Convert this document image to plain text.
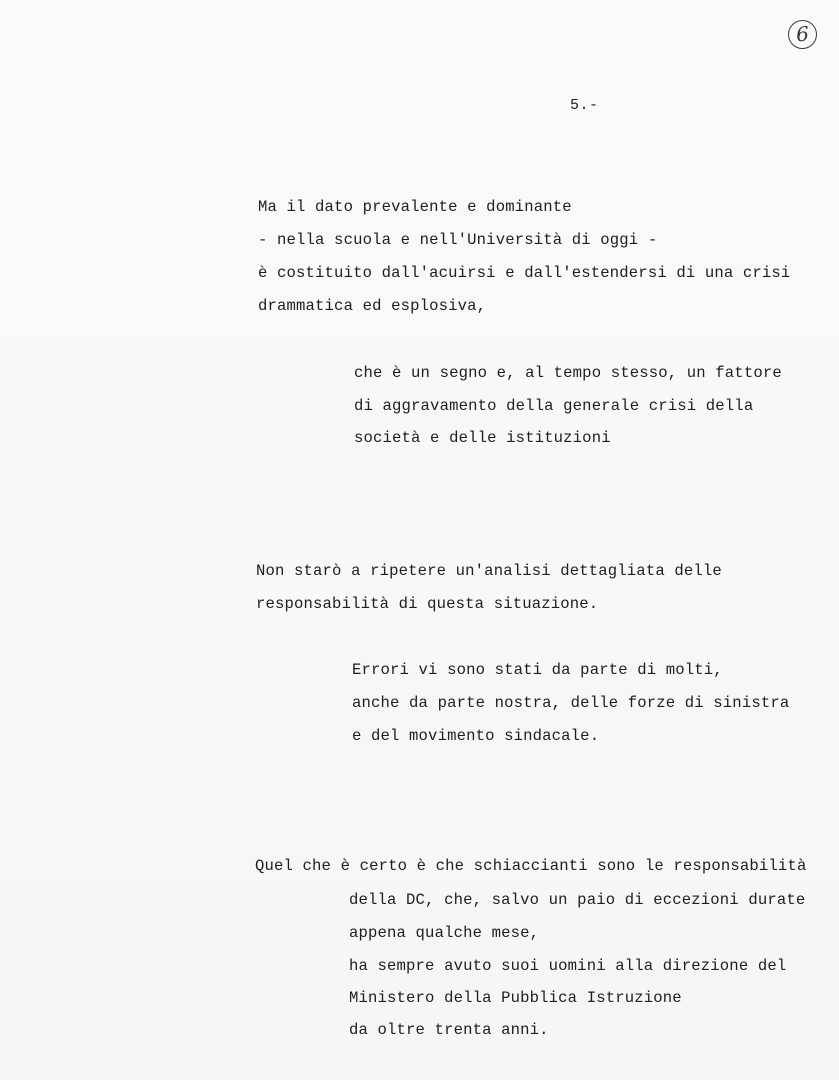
6
5.-
Ma il dato prevalente e dominante
- nella scuola e nell'Università di oggi -
è costituito dall'acuirsi e dall'estendersi di una crisi
drammatica ed esplosiva,
che è un segno e, al tempo stesso, un fattore
di aggravamento della generale crisi della
società e delle istituzioni
Non starò a ripetere un'analisi dettagliata delle
responsabilità di questa situazione.
Errori vi sono stati da parte di molti,
anche da parte nostra, delle forze di sinistra
e del movimento sindacale.
Quel che è certo è che schiaccianti sono le responsabilità
della DC, che, salvo un paio di eccezioni durate
appena qualche mese,
ha sempre avuto suoi uomini alla direzione del
Ministero della Pubblica Istruzione
da oltre trenta anni.
